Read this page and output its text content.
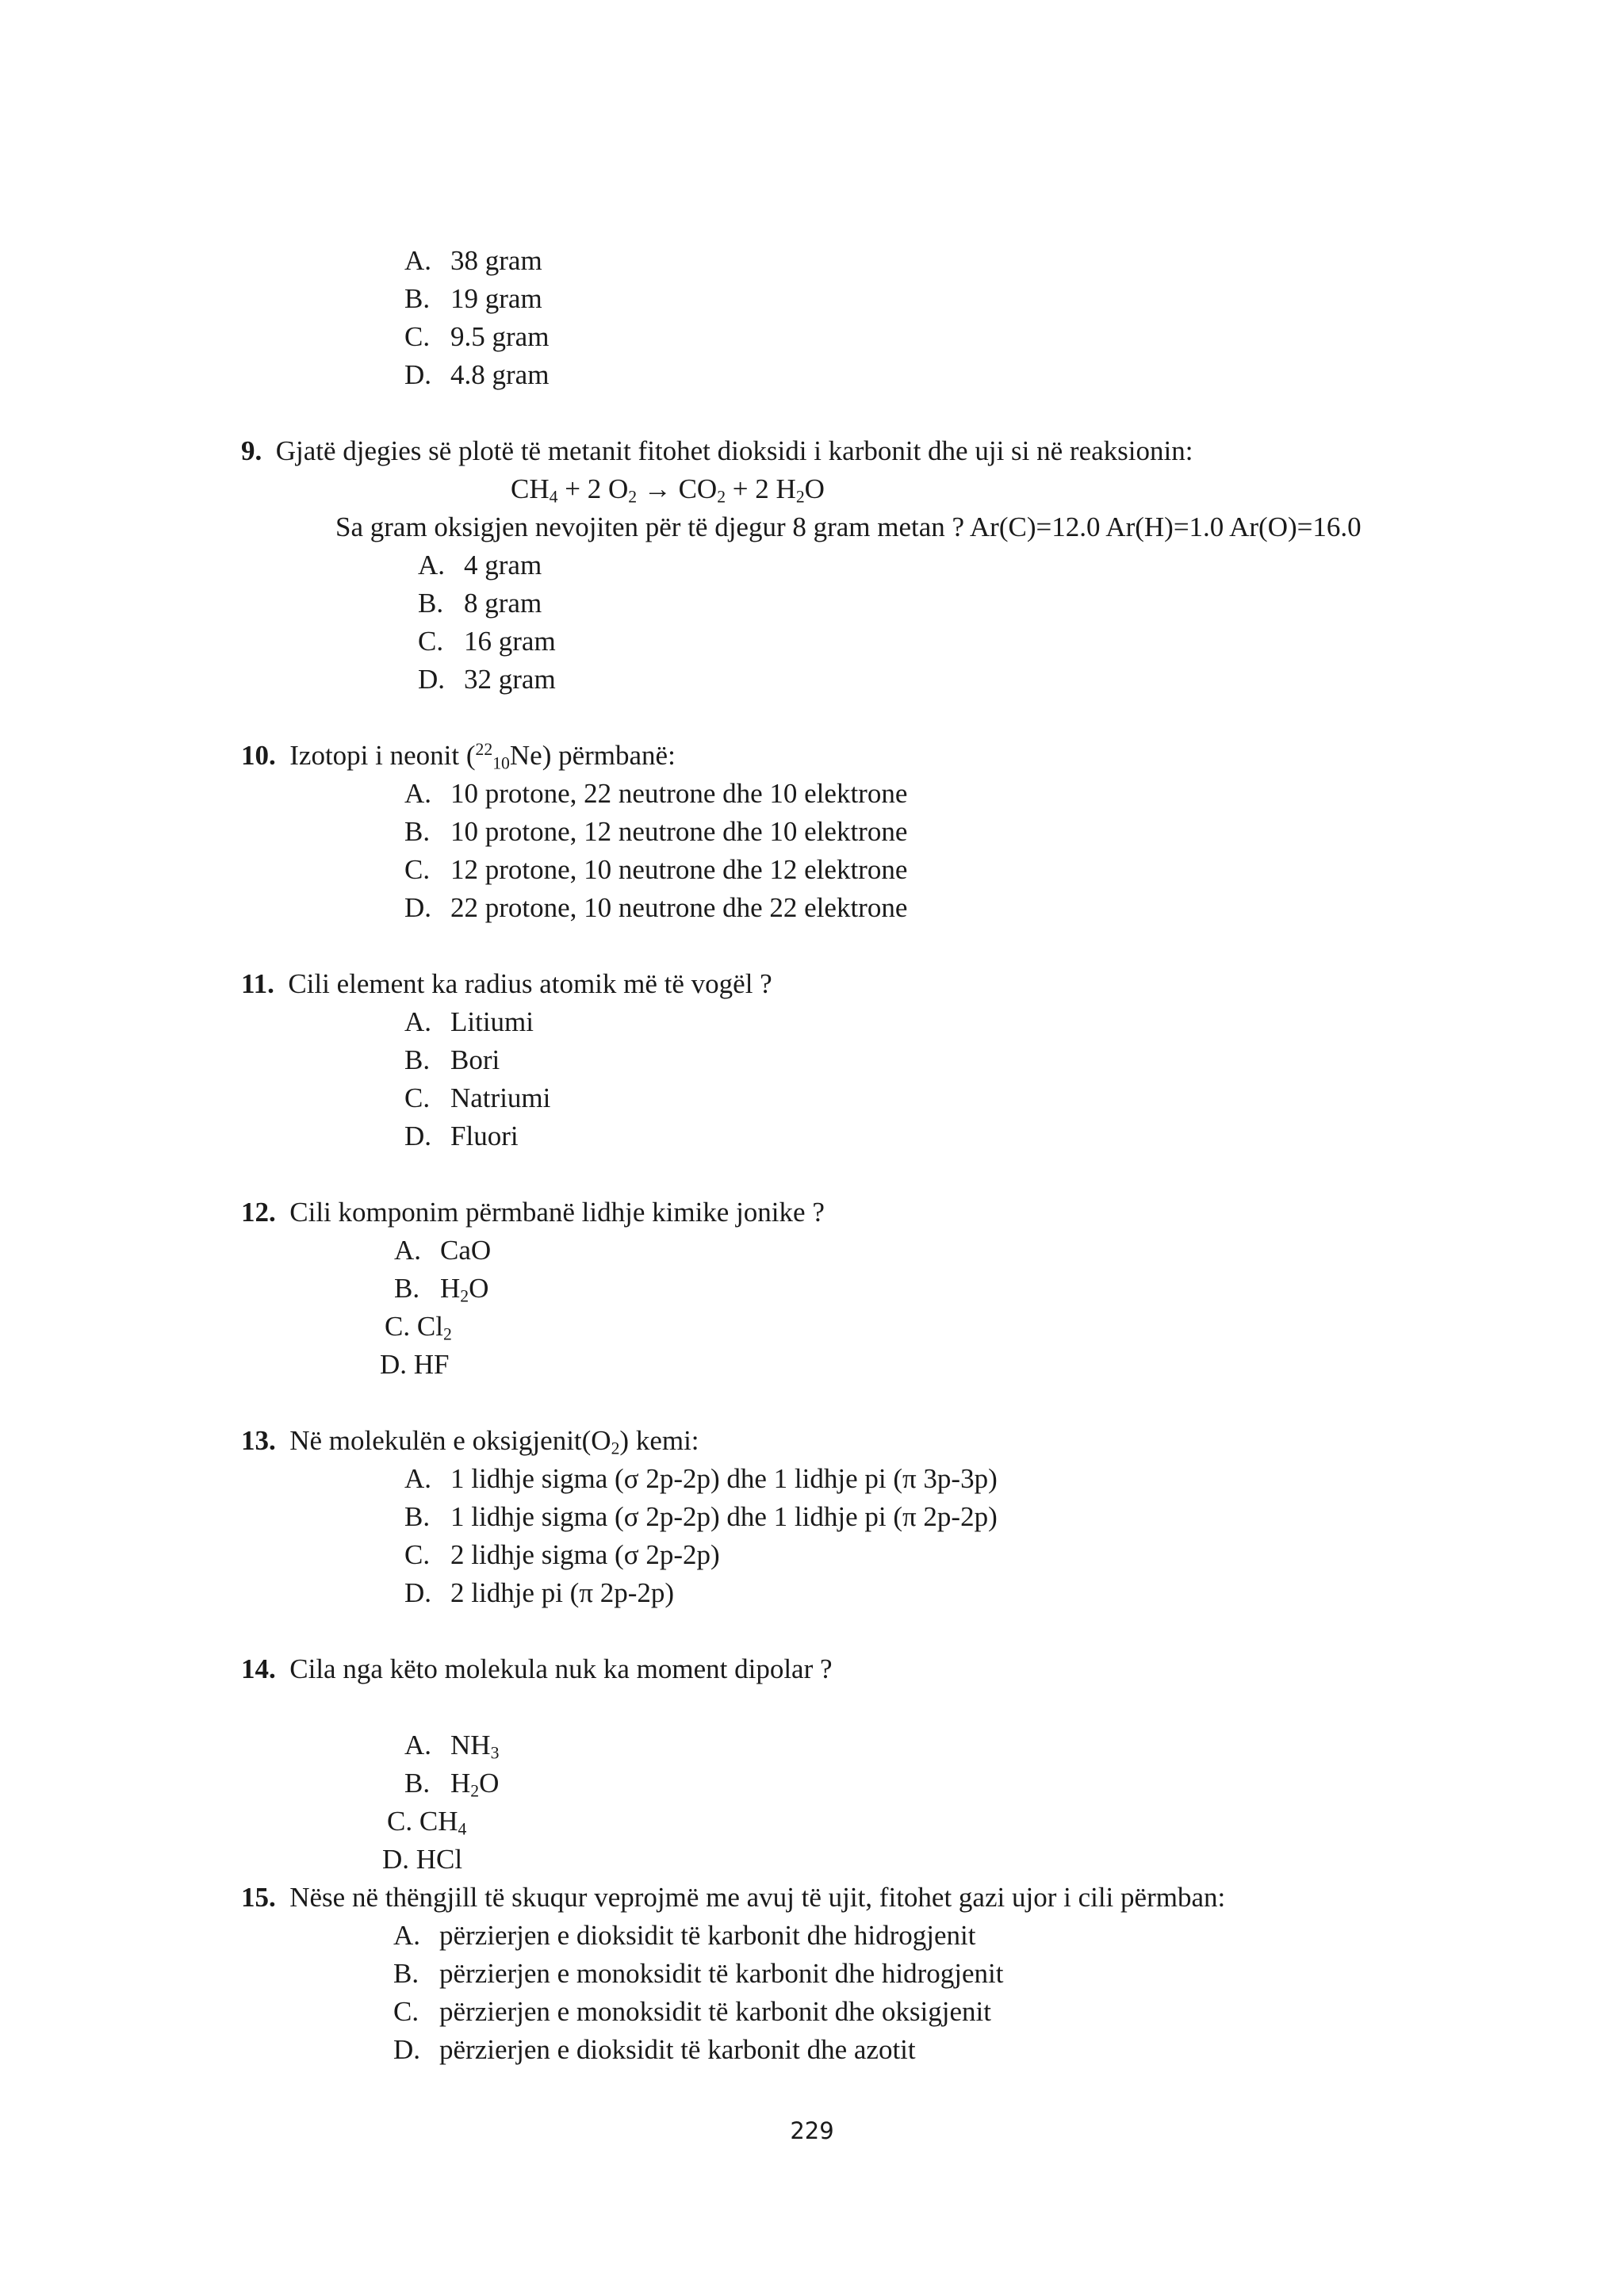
A. 38 gram
B. 19 gram
C. 9.5 gram
D. 4.8 gram
9. Gjatë djegies së plotë të metanit fitohet dioksidi i karbonit dhe uji si në reaksionin:
$CH_4 + 2$ $O_2 \to CO_2 + 2$ $H_2O$
Sa gram oksigjen nevojiten për të djegur 8 gram metan ? Ar(C)=12.0 Ar(H)=1.0 Ar(O)=16.0
A. 4 gram
B. 8 gram
C. 16 gram
D. 32 gram
10. Izotopi i neonit ($^{22}_{10}$Ne) përmbanë:
A. 10 protone, 22 neutrone dhe 10 elektrone
B. 10 protone, 12 neutrone dhe 10 elektrone
C. 12 protone, 10 neutrone dhe 12 elektrone
D. 22 protone, 10 neutrone dhe 22 elektrone
11. Cili element ka radius atomik më të vogël ?
A. Litiumi
B. Bori
C. Natriumi
D. Fluori
12. Cili komponim përmbanë lidhje kimike jonike ?
A. CaO
B. $H_2O$
C. $Cl_2$
D. HF
13. Në molekulën e $oksigjenit(O_2)$ kemi:
A. 1 lidhje sigma (σ 2p-2p) dhe 1 lidhje pi (π 3p-3p)
B. 1 lidhje sigma (σ 2p-2p) dhe 1 lidhje pi (π 2p-2p)
C. 2 lidhje sigma (σ 2p-2p)
D. 2 lidhje pi (π 2p-2p)
14. Cila nga këto molekula nuk ka moment dipolar ?
A. $NH_3$
B. $H_2O$
C. $CH_4$
D. HCl
15. Nëse në thëngjill të skuqur veprojmë me avuj të ujit, fitohet gazi ujor i cili përmban:
A. përzierjen e dioksidit të karbonit dhe hidrogjenit
B. përzierjen e monoksidit të karbonit dhe hidrogjenit
C. përzierjen e monoksidit të karbonit dhe oksigjenit
D. përzierjen e dioksidit të karbonit dhe azotit
229
